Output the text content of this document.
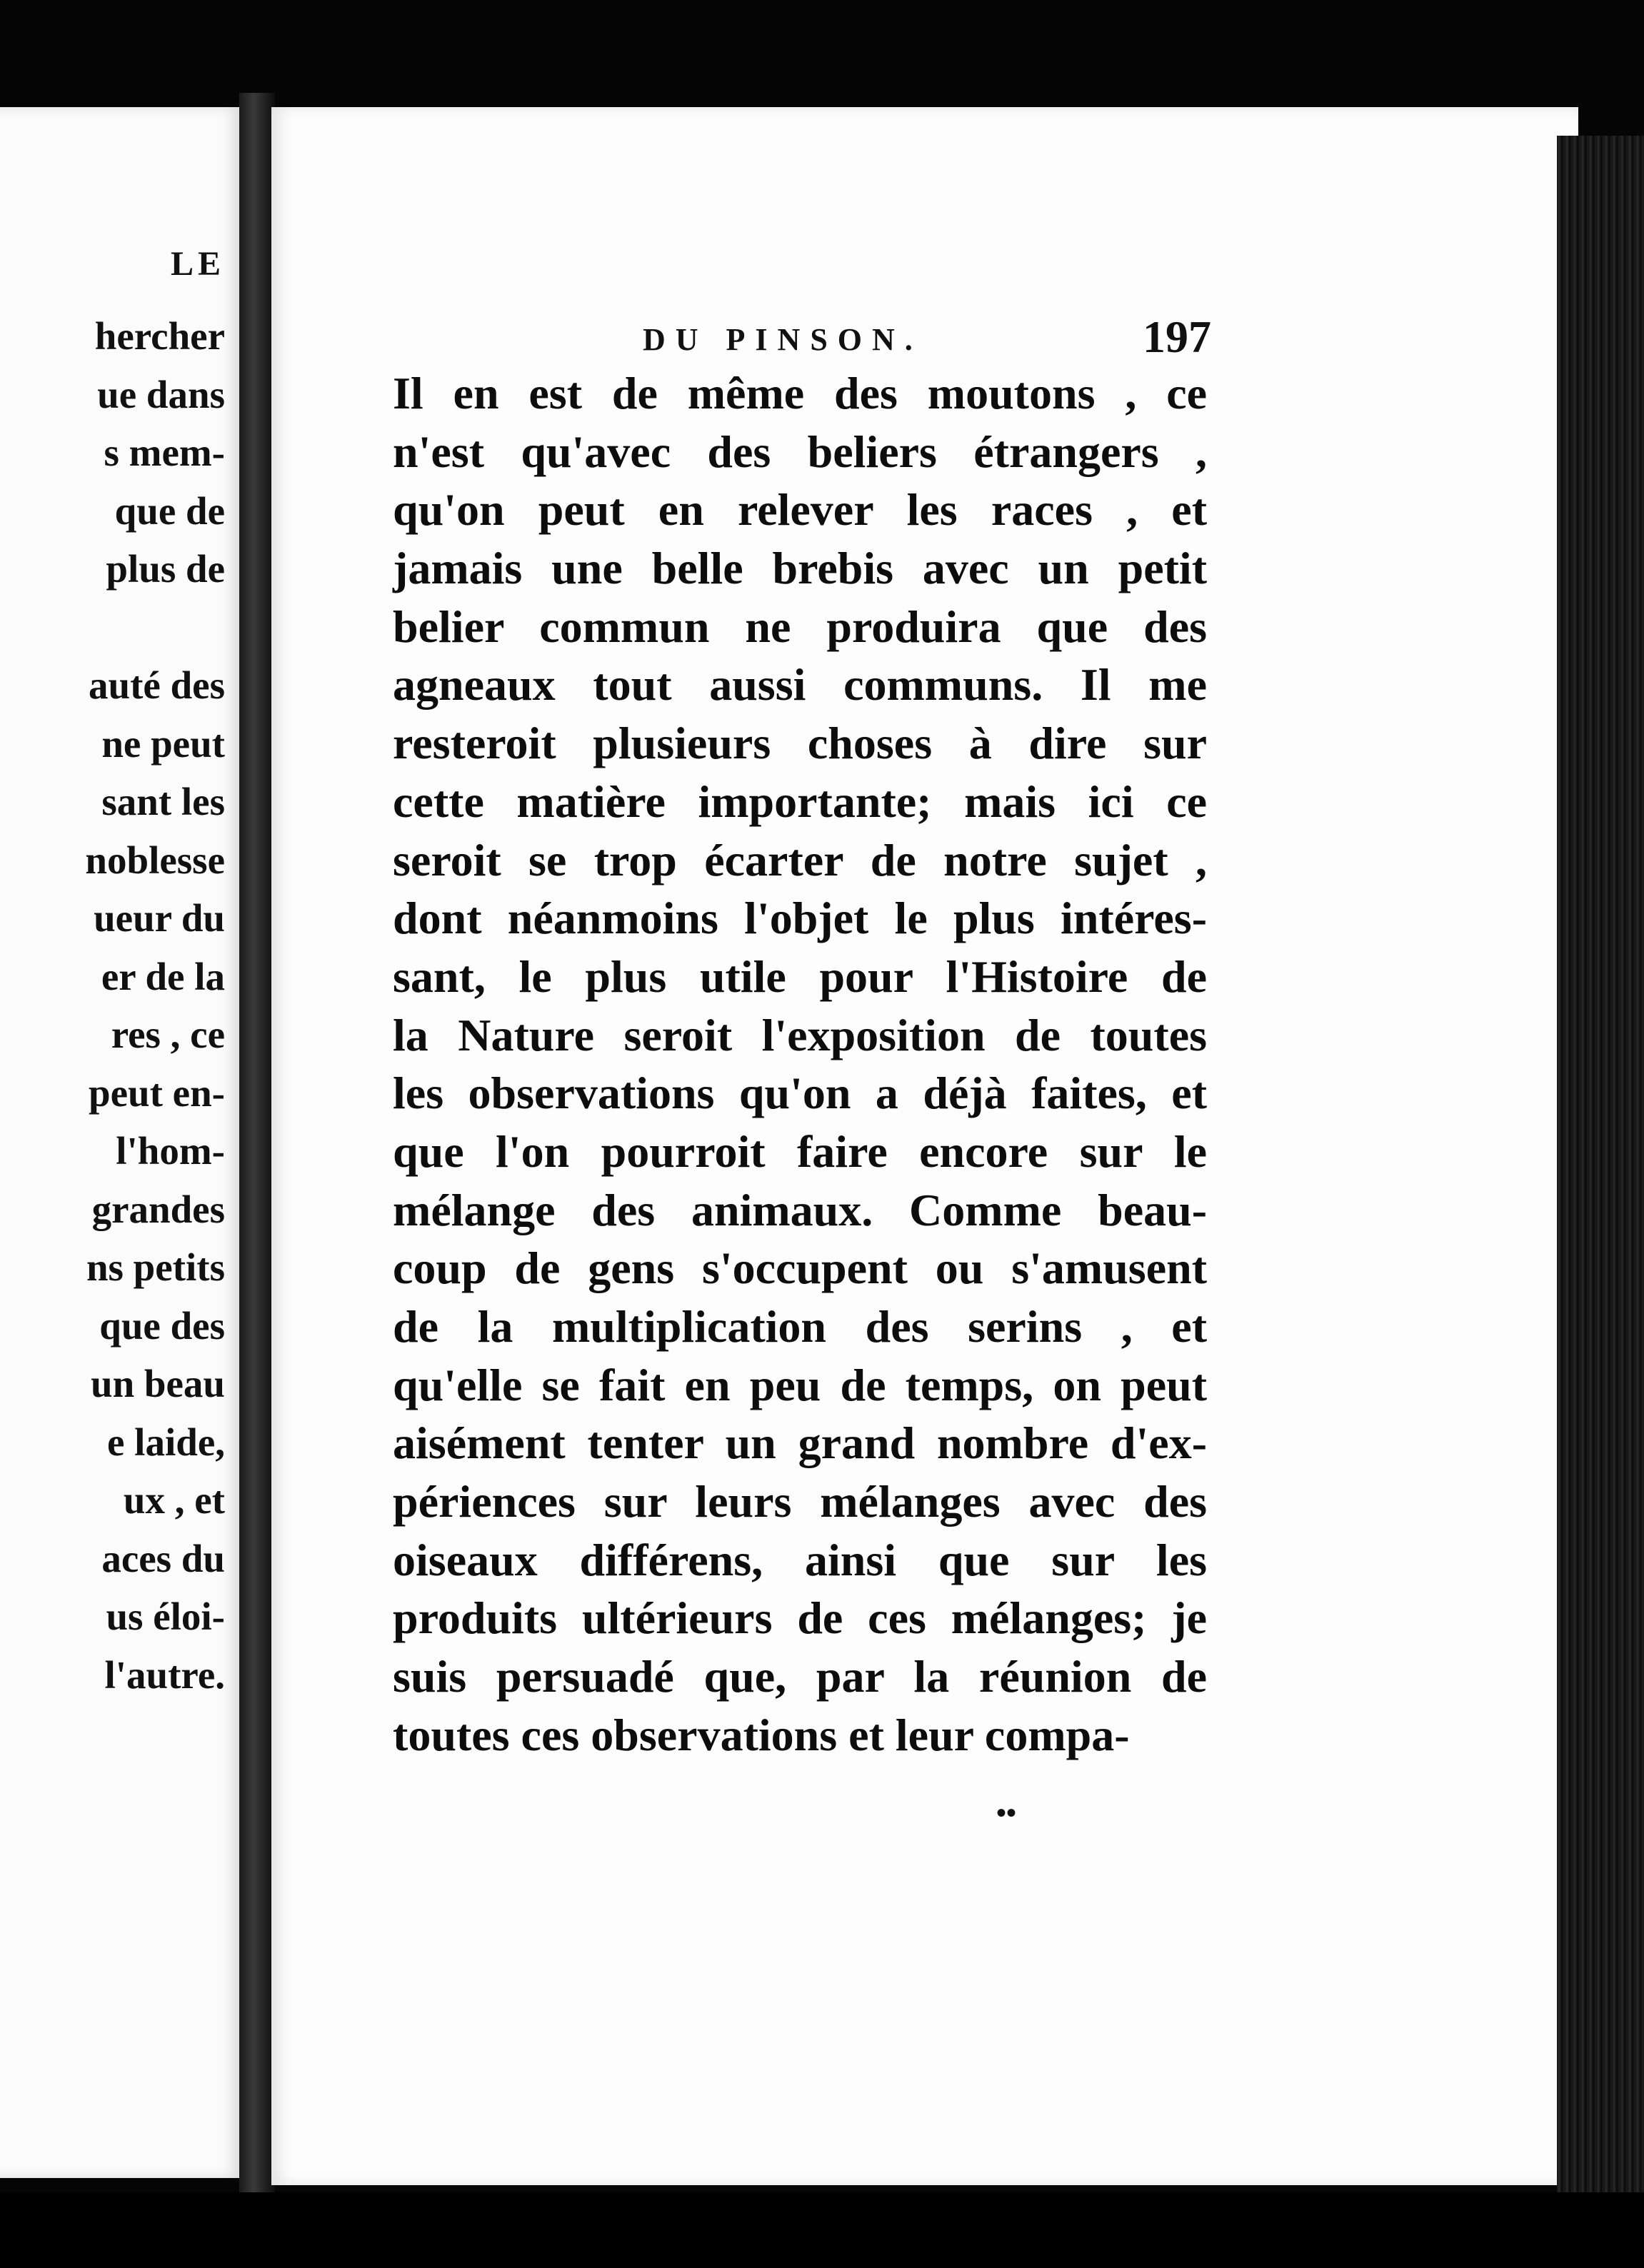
LE
hercher
ue dans
s mem-
que de
plus de
auté des
ne peut
sant les
noblesse
ueur du
er de la
res , ce
peut en-
l'hom-
grandes
ns petits
que des
un beau
e laide,
ux , et
aces du
us éloi-
l'autre.
DU PINSON.	197
Il en est de même des moutons , ce
n'est qu'avec des beliers étrangers ,
qu'on peut en relever les races , et
jamais une belle brebis avec un petit
belier commun ne produira que des
agneaux tout aussi communs. Il me
resteroit plusieurs choses à dire sur
cette matière importante; mais ici ce
seroit se trop écarter de notre sujet ,
dont néanmoins l'objet le plus intéres-
sant, le plus utile pour l'Histoire de
la Nature seroit l'exposition de toutes
les observations qu'on a déjà faites, et
que l'on pourroit faire encore sur le
mélange des animaux. Comme beau-
coup de gens s'occupent ou s'amusent
de la multiplication des serins , et
qu'elle se fait en peu de temps, on peut
aisément tenter un grand nombre d'ex-
périences sur leurs mélanges avec des
oiseaux différens, ainsi que sur les
produits ultérieurs de ces mélanges; je
suis persuadé que, par la réunion de
toutes ces observations et leur compa-
••
